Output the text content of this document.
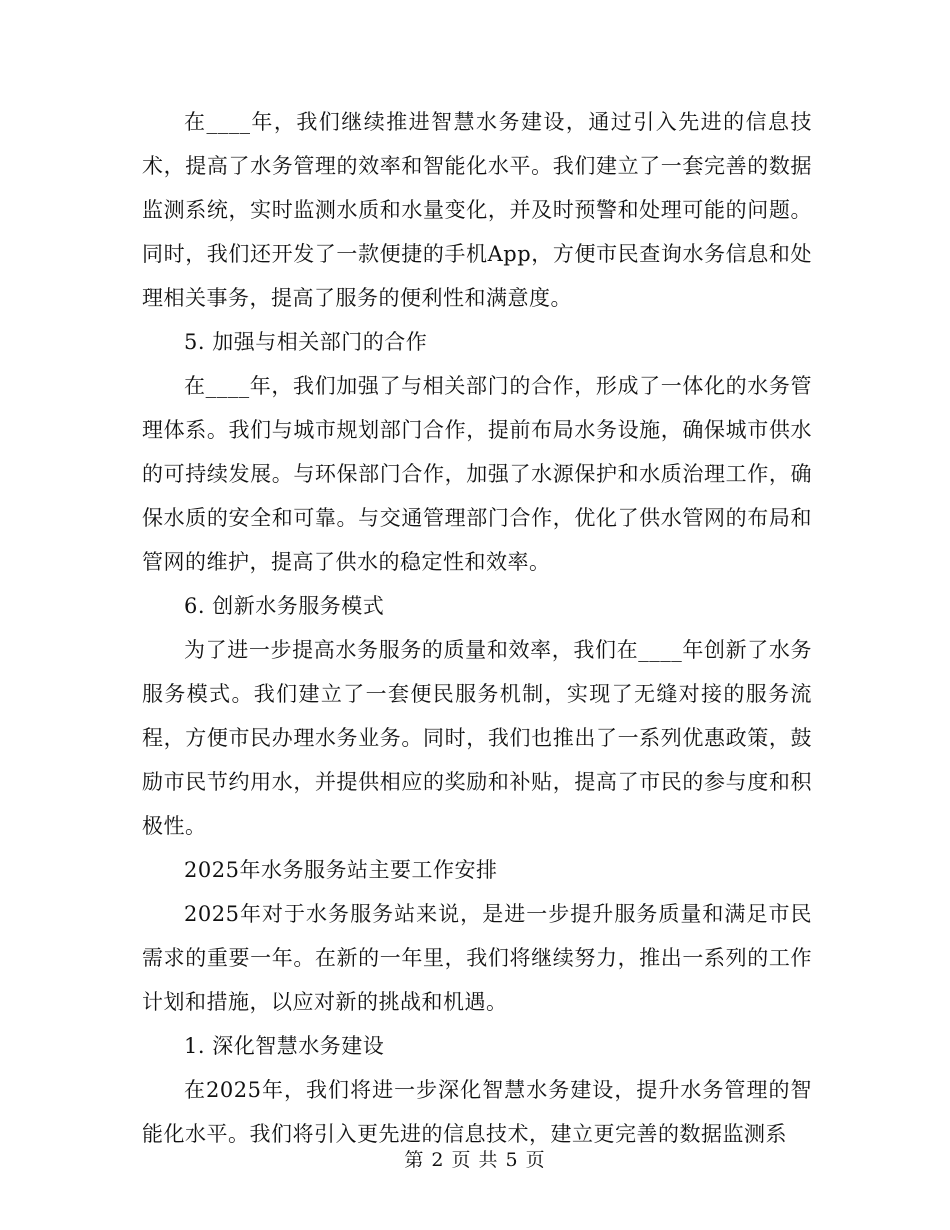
在____年，我们继续推进智慧水务建设，通过引入先进的信息技术，提高了水务管理的效率和智能化水平。我们建立了一套完善的数据监测系统，实时监测水质和水量变化，并及时预警和处理可能的问题。同时，我们还开发了一款便捷的手机App，方便市民查询水务信息和处理相关事务，提高了服务的便利性和满意度。

5. 加强与相关部门的合作

在____年，我们加强了与相关部门的合作，形成了一体化的水务管理体系。我们与城市规划部门合作，提前布局水务设施，确保城市供水的可持续发展。与环保部门合作，加强了水源保护和水质治理工作，确保水质的安全和可靠。与交通管理部门合作，优化了供水管网的布局和管网的维护，提高了供水的稳定性和效率。

6. 创新水务服务模式

为了进一步提高水务服务的质量和效率，我们在____年创新了水务服务模式。我们建立了一套便民服务机制，实现了无缝对接的服务流程，方便市民办理水务业务。同时，我们也推出了一系列优惠政策，鼓励市民节约用水，并提供相应的奖励和补贴，提高了市民的参与度和积极性。

2025年水务服务站主要工作安排

2025年对于水务服务站来说，是进一步提升服务质量和满足市民需求的重要一年。在新的一年里，我们将继续努力，推出一系列的工作计划和措施，以应对新的挑战和机遇。

1. 深化智慧水务建设

在2025年，我们将进一步深化智慧水务建设，提升水务管理的智能化水平。我们将引入更先进的信息技术，建立更完善的数据监测系

第 2 页 共 5 页
